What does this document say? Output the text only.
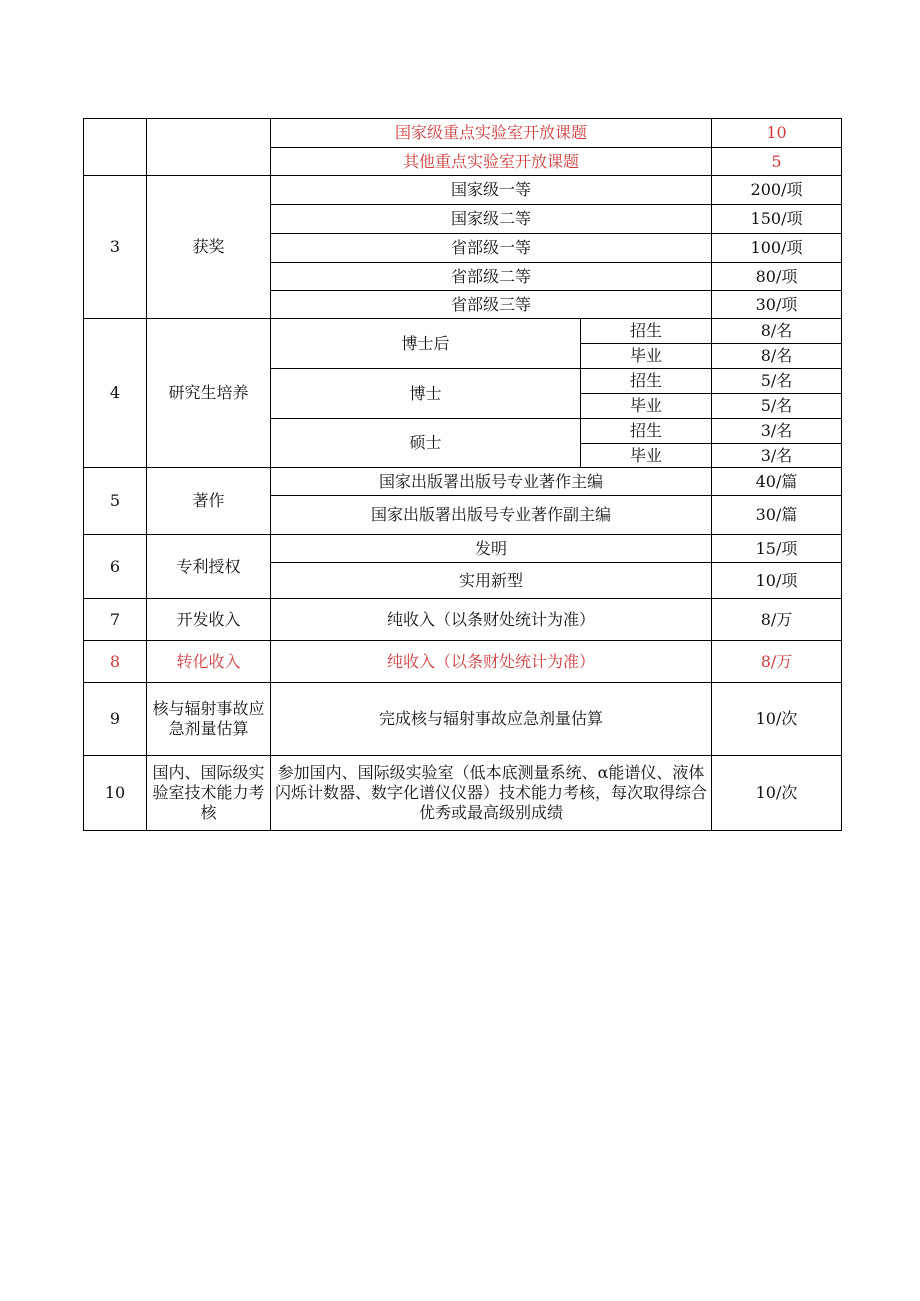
		国家级重点实验室开放课题		10
		其他重点实验室开放课题		5
3	获奖	国家级一等		200/项
		国家级二等		150/项
		省部级一等		100/项
		省部级二等		80/项
		省部级三等		30/项
4	研究生培养	博士后	招生	8/名
			毕业	8/名
		博士	招生	5/名
			毕业	5/名
		硕士	招生	3/名
			毕业	3/名
5	著作	国家出版署出版号专业著作主编		40/篇
		国家出版署出版号专业著作副主编		30/篇
6	专利授权	发明		15/项
		实用新型		10/项
7	开发收入	纯收入（以条财处统计为准）		8/万
8	转化收入	纯收入（以条财处统计为准）		8/万
9	核与辐射事故应急剂量估算	完成核与辐射事故应急剂量估算		10/次
10	国内、国际级实验室技术能力考核	参加国内、国际级实验室（低本底测量系统、α能谱仪、液体闪烁计数器、数字化谱仪仪器）技术能力考核，每次取得综合优秀或最高级别成绩		10/次
